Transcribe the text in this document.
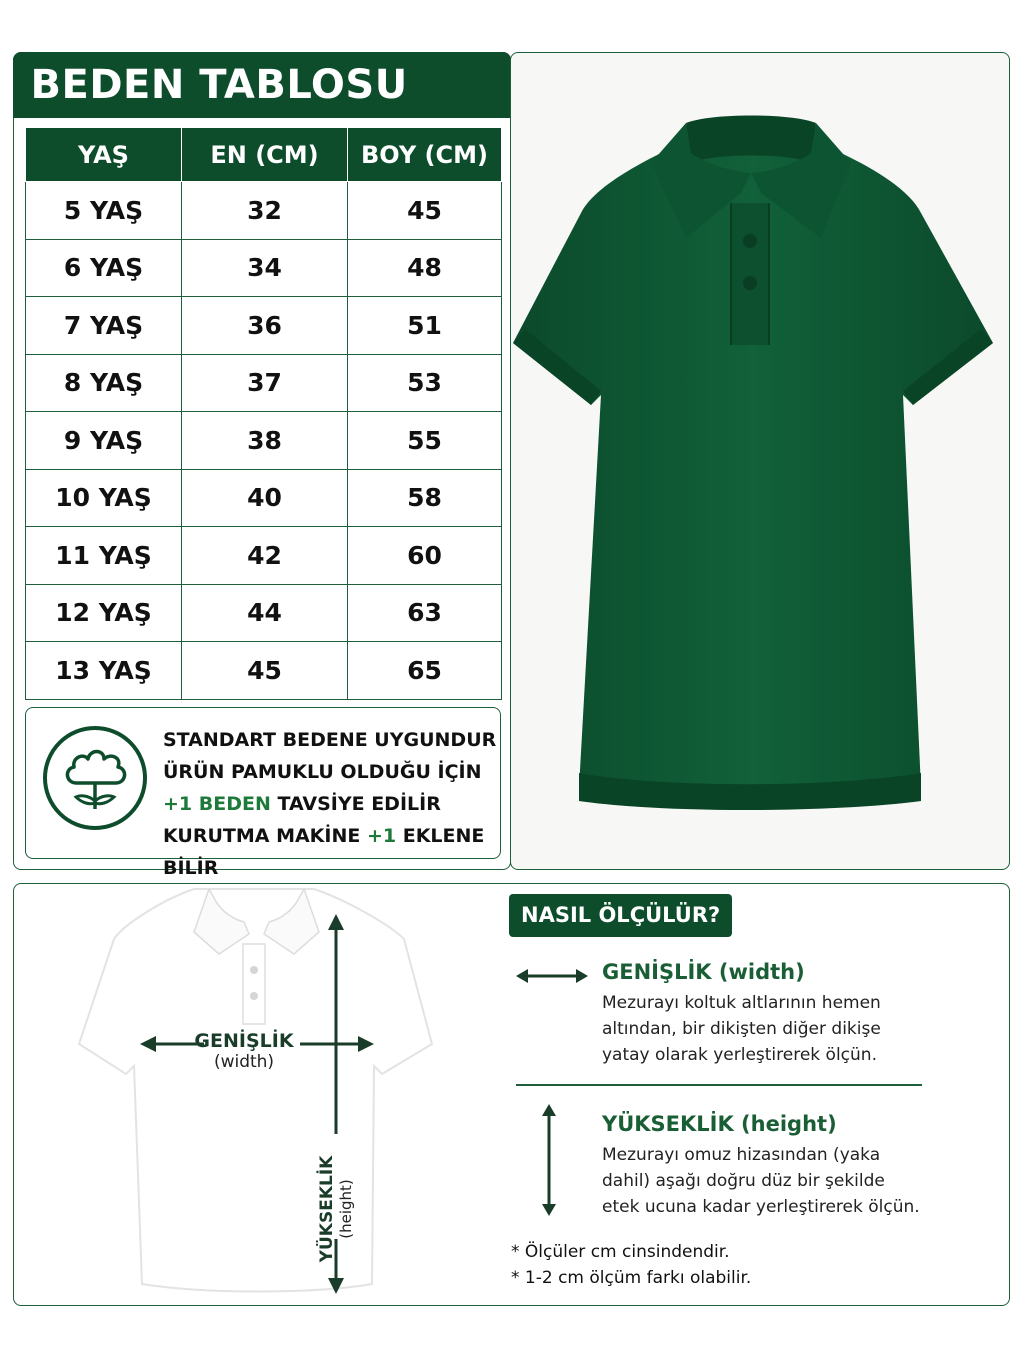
BEDEN TABLOSU
YAŞ	EN (CM)	BOY (CM)
5 YAŞ	32	45
6 YAŞ	34	48
7 YAŞ	36	51
8 YAŞ	37	53
9 YAŞ	38	55
10 YAŞ	40	58
11 YAŞ	42	60
12 YAŞ	44	63
13 YAŞ	45	65
STANDART BEDENE UYGUNDUR
ÜRÜN PAMUKLU OLDUĞU İÇİN
+1 BEDEN TAVSİYE EDİLİR
KURUTMA MAKİNE +1 EKLENE BİLİR
GENİŞLİK
(width)
YÜKSEKLİK (height)
NASIL ÖLÇÜLÜR?
GENİŞLİK (width)
Mezurayı koltuk altlarının hemen
altından, bir dikişten diğer dikişe
yatay olarak yerleştirerek ölçün.
YÜKSEKLİK (height)
Mezurayı omuz hizasından (yaka
dahil) aşağı doğru düz bir şekilde
etek ucuna kadar yerleştirerek ölçün.
* Ölçüler cm cinsindendir.
* 1-2 cm ölçüm farkı olabilir.
